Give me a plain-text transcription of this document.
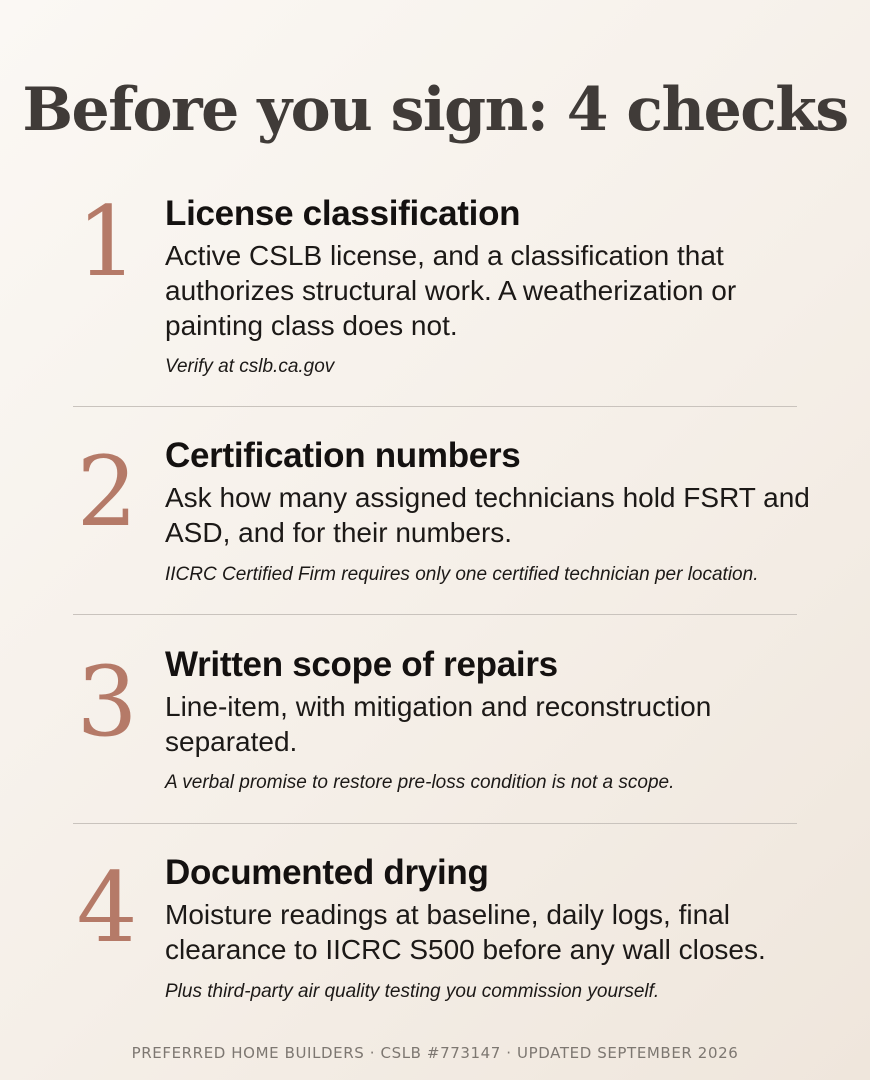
Before you sign: 4 checks
1 License classification
Active CSLB license, and a classification that authorizes structural work. A weatherization or painting class does not.
Verify at cslb.ca.gov
2 Certification numbers
Ask how many assigned technicians hold FSRT and ASD, and for their numbers.
IICRC Certified Firm requires only one certified technician per location.
3 Written scope of repairs
Line-item, with mitigation and reconstruction separated.
A verbal promise to restore pre-loss condition is not a scope.
4 Documented drying
Moisture readings at baseline, daily logs, final clearance to IICRC S500 before any wall closes.
Plus third-party air quality testing you commission yourself.
PREFERRED HOME BUILDERS · CSLB #773147 · UPDATED SEPTEMBER 2026
